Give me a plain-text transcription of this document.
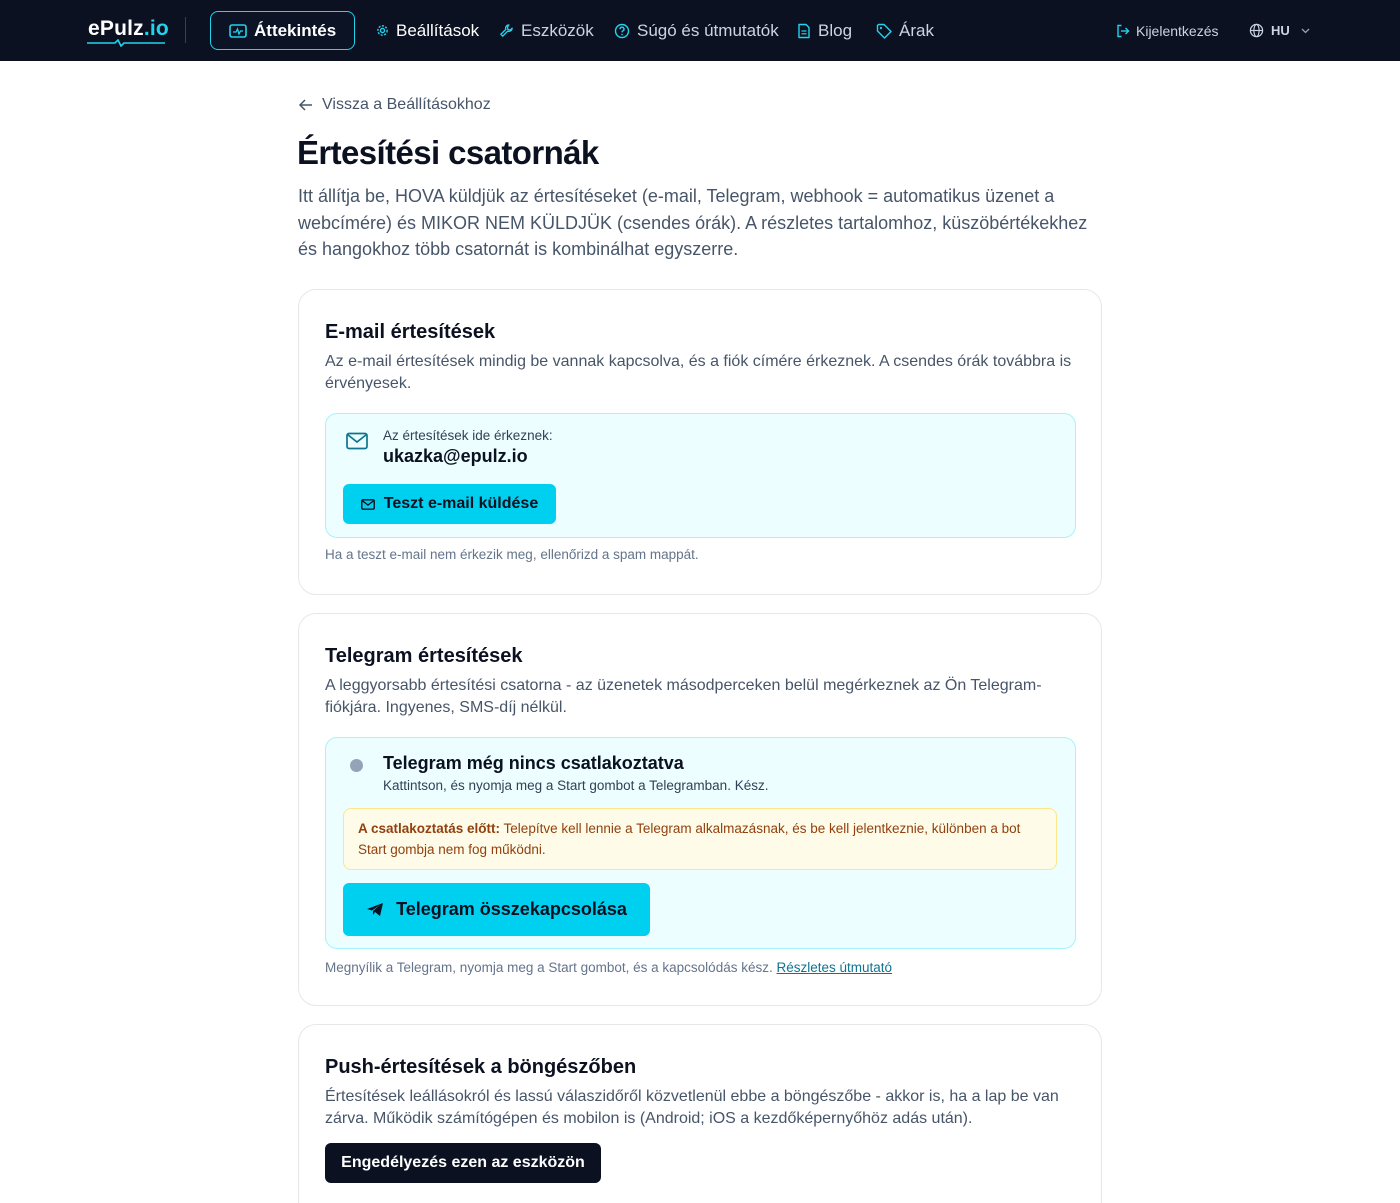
ePulz.io	Áttekintés	Beállítások Eszközök	Súgó és útmutatók Blog	Árak	Kijelentkezés	HU
Vissza a Beállításokhoz
Értesítési csatornák

Itt állítja be, HOVA küldjük az értesítéseket (e-mail, Telegram, webhook = automatikus üzenet a webcímére) és MIKOR NEM KÜLDJÜK (csendes órák). A részletes tartalomhoz, küszöbértékekhez és hangokhoz több csatornát is kombinálhat egyszerre.

E-mail értesítések

Az e-mail értesítések mindig be vannak kapcsolva, és a fiók címére érkeznek. A csendes órák továbbra is érvényesek.

Az értesítések ide érkeznek:
ukazka@epulz.io
Teszt e-mail küldése
Ha a teszt e-mail nem érkezik meg, ellenőrizd a spam mappát.
Telegram értesítések

A leggyorsabb értesítési csatorna - az üzenetek másodperceken belül megérkeznek az Ön Telegram-fiókjára. Ingyenes, SMS-díj nélkül.

Telegram még nincs csatlakoztatva
Kattintson, és nyomja meg a Start gombot a Telegramban. Kész.
A csatlakoztatás előtt: Telepítve kell lennie a Telegram alkalmazásnak, és be kell jelentkeznie, különben a bot Start gombja nem fog működni.
Telegram összekapcsolása
Megnyílik a Telegram, nyomja meg a Start gombot, és a kapcsolódás kész. Részletes útmutató
Push-értesítések a böngészőben

Értesítések leállásokról és lassú válaszidőről közvetlenül ebbe a böngészőbe - akkor is, ha a lap be van zárva. Működik számítógépen és mobilon is (Android; iOS a kezdőképernyőhöz adás után).

Engedélyezés ezen az eszközön
